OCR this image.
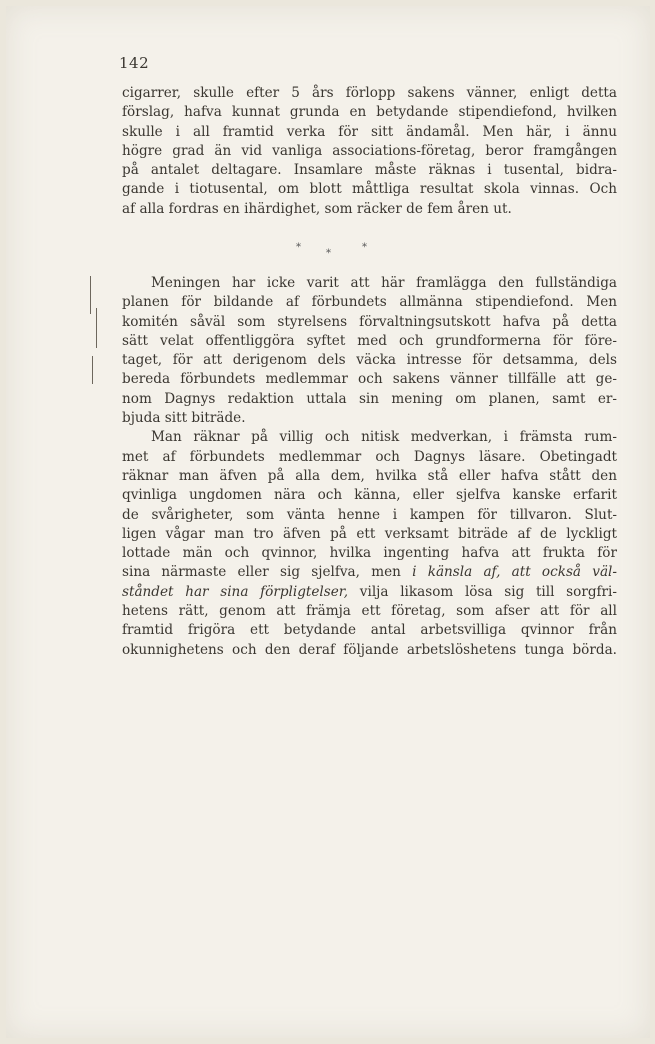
142
cigarrer, skulle efter 5 års förlopp sakens vänner, enligt detta
förslag, hafva kunnat grunda en betydande stipendiefond, hvilken
skulle i all framtid verka för sitt ändamål. Men här, i ännu
högre grad än vid vanliga associations-företag, beror framgången
på antalet deltagare. Insamlare måste räknas i tusental, bidra-
gande i tiotusental, om blott måttliga resultat skola vinnas. Och
af alla fordras en ihärdighet, som räcker de fem åren ut.
*
*
*
Meningen har icke varit att här framlägga den fullständiga
planen för bildande af förbundets allmänna stipendiefond. Men
komitén såväl som styrelsens förvaltningsutskott hafva på detta
sätt velat offentliggöra syftet med och grundformerna för före-
taget, för att derigenom dels väcka intresse för detsamma, dels
bereda förbundets medlemmar och sakens vänner tillfälle att ge-
nom Dagnys redaktion uttala sin mening om planen, samt er-
bjuda sitt biträde.
Man räknar på villig och nitisk medverkan, i främsta rum-
met af förbundets medlemmar och Dagnys läsare. Obetingadt
räknar man äfven på alla dem, hvilka stå eller hafva stått den
qvinliga ungdomen nära och känna, eller sjelfva kanske erfarit
de svårigheter, som vänta henne i kampen för tillvaron. Slut-
ligen vågar man tro äfven på ett verksamt biträde af de lyckligt
lottade män och qvinnor, hvilka ingenting hafva att frukta för
sina närmaste eller sig sjelfva, men i känsla af, att också väl-
ståndet har sina förpligtelser, vilja likasom lösa sig till sorgfri-
hetens rätt, genom att främja ett företag, som afser att för all
framtid frigöra ett betydande antal arbetsvilliga qvinnor från
okunnighetens och den deraf följande arbetslöshetens tunga börda.
